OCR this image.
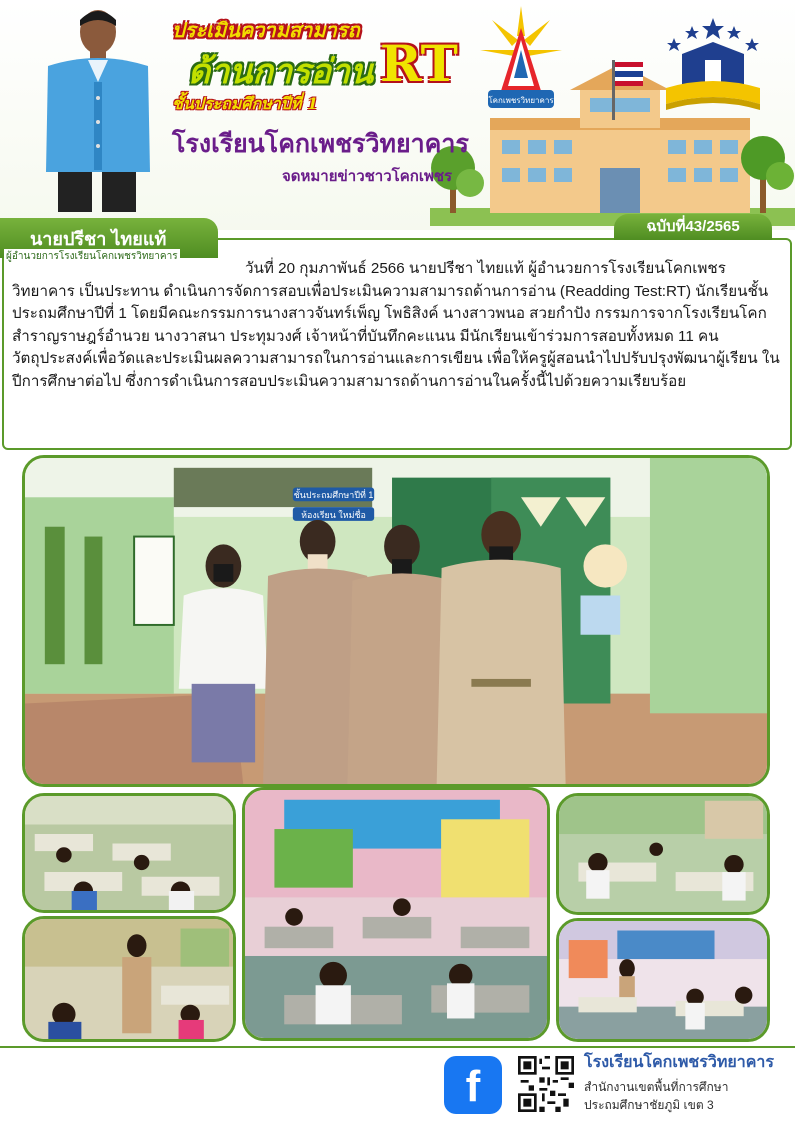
ประเมินความสามารถ
ด้านการอ่าน RT
ชั้นประถมศึกษาปีที่ 1	โคกเพชรวิทยาคาร
โรงเรียนโคกเพชรวิทยาคาร
จดหมายข่าวชาวโคกเพชร

วันที่ 20 กุมภาพันธ์ 2566 นายปรีชา ไทยแท้ ผู้อำนวยการโรงเรียนโคกเพชรวิทยาคาร เป็นประทาน ดำเนินการจัดการสอบเพื่อประเมินความสามารถด้านการอ่าน (Readding Test:RT) นักเรียนชั้นประถมศึกษาปีที่ 1 โดยมีคณะกรรมการนางสาวจันทร์เพ็ญ โพธิสิงค์ นางสาวพนอ สวยกำปัง กรรมการจากโรงเรียนโคกสำราญราษฎร์อำนวย นางวาสนา ประทุมวงศ์ เจ้าหน้าที่บันทึกคะแนน มีนักเรียนเข้าร่วมการสอบทั้งหมด 11 คน วัตถุประสงค์เพื่อวัดและประเมินผลความสามารถในการอ่านและการเขียน เพื่อให้ครูผู้สอนนำไปปรับปรุงพัฒนาผู้เรียน ในปีการศึกษาต่อไป ซึ่งการดำเนินการสอบประเมินความสามารถด้านการอ่านในครั้งนี้ไปด้วยความเรียบร้อย

นายปรีชา ไทยแท้
ผู้อำนวยการโรงเรียนโคกเพชรวิทยาคาร
ฉบับที่43/2565
ชั้นประถมศึกษาปีที่ 1
ห้องเรียน ใหม่ชื่อ
f	โรงเรียนโคกเพชรวิทยาคาร
สำนักงานเขตพื้นที่การศึกษา
ประถมศึกษาชัยภูมิ เขต 3
